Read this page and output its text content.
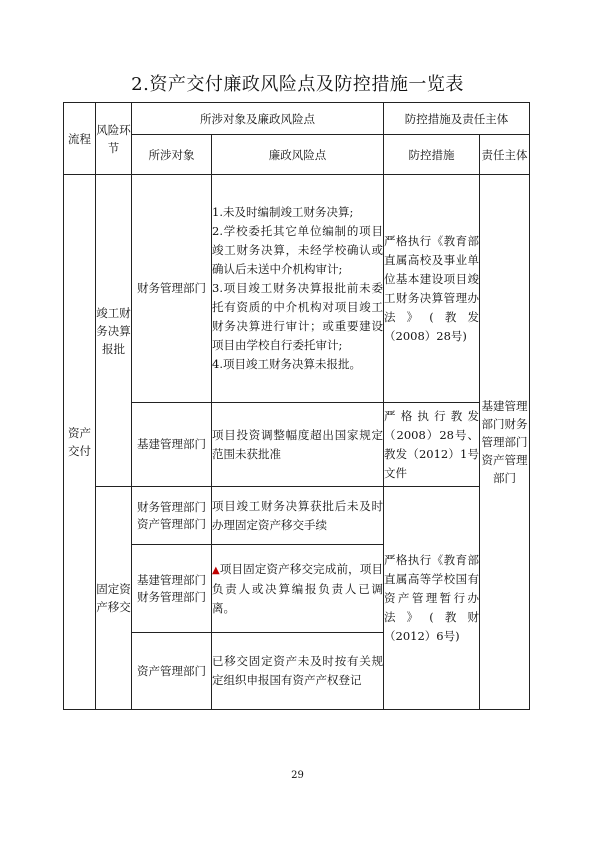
2.资产交付廉政风险点及防控措施一览表
流程	风险环节	所涉对象及廉政风险点		防控措施及责任主体	
		所涉对象	廉政风险点	防控措施	责任主体
资产交付	竣工财务决算报批	财务管理部门	1.未及时编制竣工财务决算;
2.学校委托其它单位编制的项目竣工财务决算，未经学校确认或确认后未送中介机构审计;
3.项目竣工财务决算报批前未委托有资质的中介机构对项目竣工财务决算进行审计；或重要建设项目由学校自行委托审计;
4.项目竣工财务决算未报批。	严格执行《教育部直属高校及事业单位基本建设项目竣工财务决算管理办法》(教发（2008）28号)	基建管理部门财务管理部门资产管理部门
		基建管理部门	项目投资调整幅度超出国家规定范围未获批准	严格执行教发（2008）28号、教发（2012）1号文件	
	固定资产移交	财务管理部门资产管理部门	项目竣工财务决算获批后未及时办理固定资产移交手续	严格执行《教育部直属高等学校国有资产管理暂行办法》(教财（2012）6号)	
		基建管理部门财务管理部门	▲项目固定资产移交完成前，项目负责人或决算编报负责人已调离。		
		资产管理部门	已移交固定资产未及时按有关规定组织申报国有资产产权登记		
29
